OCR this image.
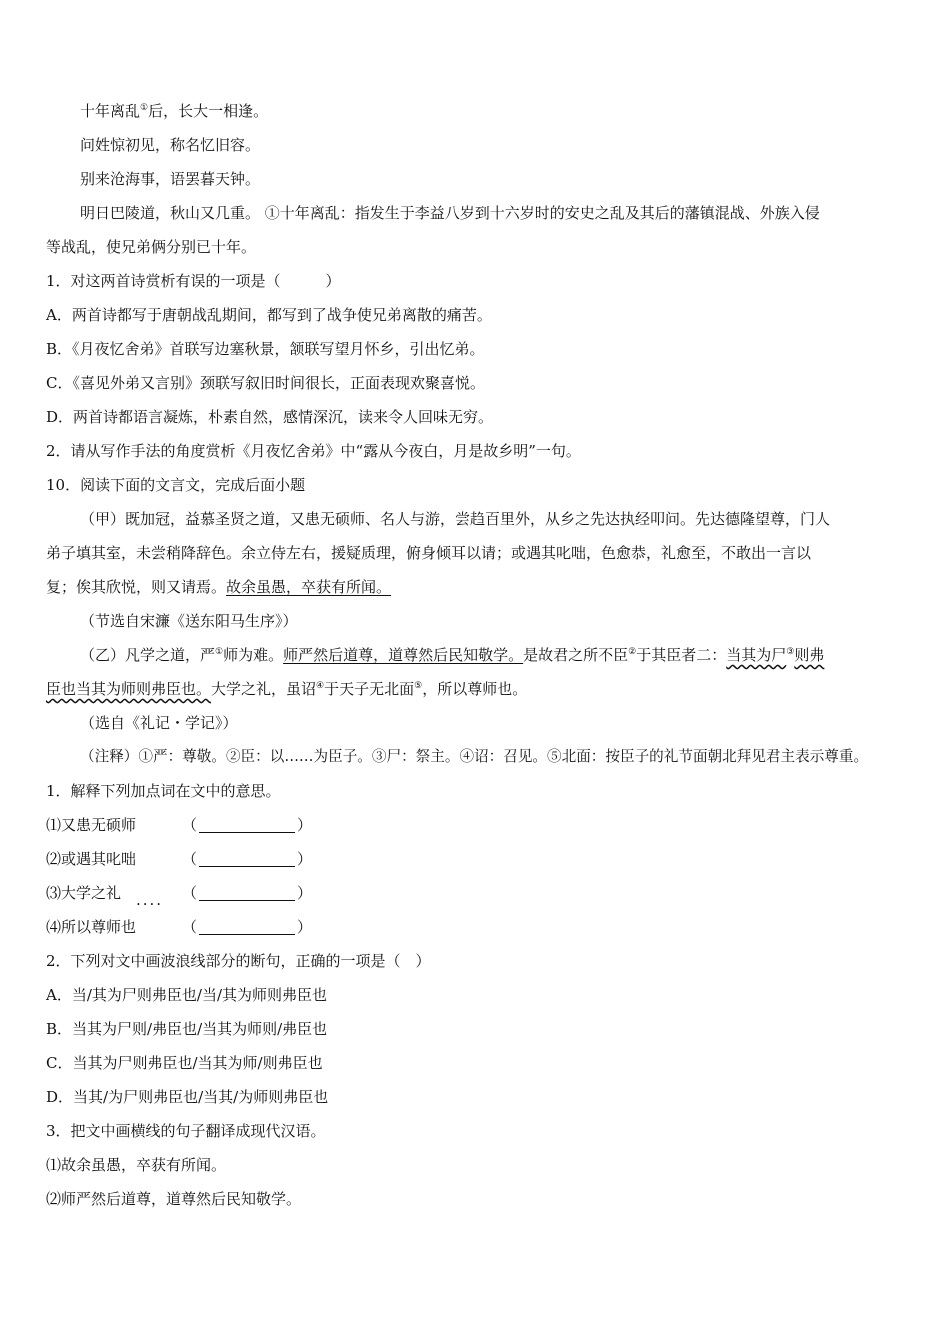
十年离乱①后，长大一相逢。
问姓惊初见，称名忆旧容。
别来沧海事，语罢暮天钟。
明日巴陵道，秋山又几重。 ①十年离乱：指发生于李益八岁到十六岁时的安史之乱及其后的藩镇混战、外族入侵
等战乱，使兄弟俩分别已十年。
1．对这两首诗赏析有误的一项是（　　　）
A．两首诗都写于唐朝战乱期间，都写到了战争使兄弟离散的痛苦。
B．《月夜忆舍弟》首联写边塞秋景，颔联写望月怀乡，引出忆弟。
C．《喜见外弟又言别》颈联写叙旧时间很长，正面表现欢聚喜悦。
D．两首诗都语言凝炼，朴素自然，感情深沉，读来令人回味无穷。
2．请从写作手法的角度赏析《月夜忆舍弟》中“露从今夜白，月是故乡明”一句。
10．阅读下面的文言文，完成后面小题
（甲）既加冠，益慕圣贤之道，又患无硕师、名人与游，尝趋百里外，从乡之先达执经叩问。先达德隆望尊，门人
弟子填其室，未尝稍降辞色。余立侍左右，援疑质理，俯身倾耳以请；或遇其叱咄，色愈恭，礼愈至，不敢出一言以
复；俟其欣悦，则又请焉。故余虽愚，卒获有所闻。
（节选自宋濂《送东阳马生序》）
（乙）凡学之道，严①师为难。师严然后道尊，道尊然后民知敬学。是故君之所不臣②于其臣者二：当其为尸③则弗
臣也当其为师则弗臣也。大学之礼，虽诏④于天子无北面⑤，所以尊师也。
（选自《礼记・学记》）
（注释）①严：尊敬。②臣：以……为臣子。③尸：祭主。④诏：召见。⑤北面：按臣子的礼节面朝北拜见君主表示尊重。
1．解释下列加点词在文中的意思。
⑴又患无硕师	（	）
⑵或遇其叱咄	（	）
⑶大学之礼 .... （	）
⑷所以尊师也	（	）
2．下列对文中画波浪线部分的断句，正确的一项是（　）
A．当/其为尸则弗臣也/当/其为师则弗臣也
B．当其为尸则/弗臣也/当其为师则/弗臣也
C．当其为尸则弗臣也/当其为师/则弗臣也
D．当其/为尸则弗臣也/当其/为师则弗臣也
3．把文中画横线的句子翻译成现代汉语。
⑴故余虽愚，卒获有所闻。
⑵师严然后道尊，道尊然后民知敬学。
